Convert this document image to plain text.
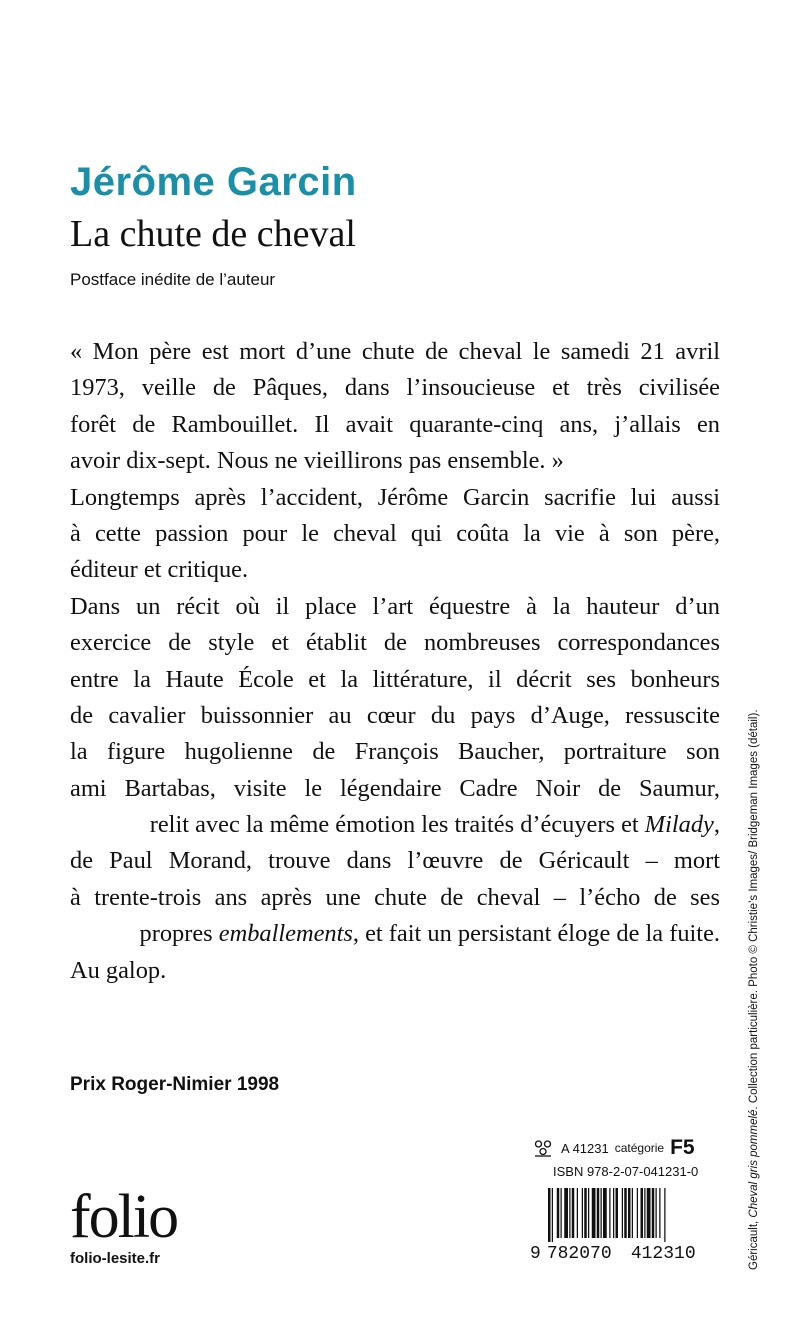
Jérôme Garcin
La chute de cheval
Postface inédite de l’auteur
« Mon père est mort d’une chute de cheval le samedi 21 avril
1973, veille de Pâques, dans l’insoucieuse et très civilisée
forêt de Rambouillet. Il avait quarante-cinq ans, j’allais en
avoir dix-sept. Nous ne vieillirons pas ensemble. »
Longtemps après l’accident, Jérôme Garcin sacrifie lui aussi
à cette passion pour le cheval qui coûta la vie à son père,
éditeur et critique.
Dans un récit où il place l’art équestre à la hauteur d’un
exercice de style et établit de nombreuses correspondances
entre la Haute École et la littérature, il décrit ses bonheurs
de cavalier buissonnier au cœur du pays d’Auge, ressuscite
la figure hugolienne de François Baucher, portraiture son
ami Bartabas, visite le légendaire Cadre Noir de Saumur,
relit avec la même émotion les traités d’écuyers et Milady,
de Paul Morand, trouve dans l’œuvre de Géricault – mort
à trente-trois ans après une chute de cheval – l’écho de ses
propres emballements, et fait un persistant éloge de la fuite.
Au galop.
Prix Roger-Nimier 1998
Géricault, Cheval gris pommelé. Collection particulière. Photo © Christie’s Images/ Bridgeman Images (détail).
folio
folio-lesite.fr
A 41231 catégorie F5
ISBN 978-2-07-041231-0
9 782070	412310
